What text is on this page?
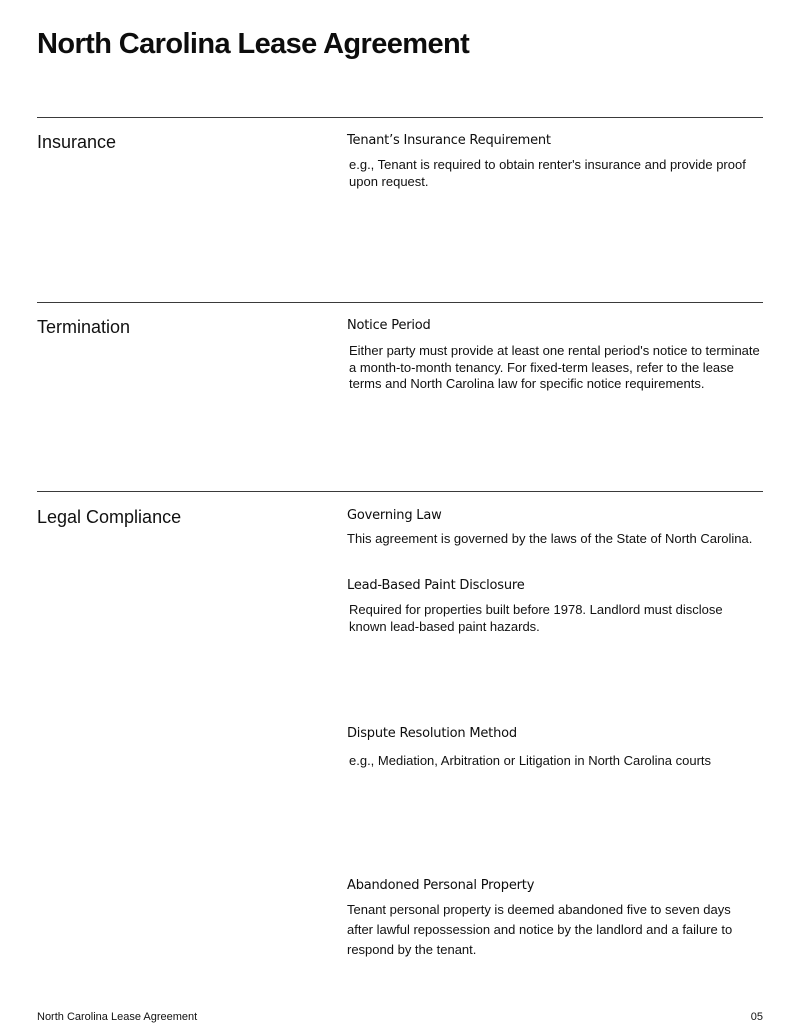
North Carolina Lease Agreement
Insurance	Tenant’s Insurance Requirement

e.g., Tenant is required to obtain renter's insurance and provide proof upon request.

Termination	Notice Period

Either party must provide at least one rental period's notice to terminate a month-to-month tenancy. For fixed-term leases, refer to the lease terms and North Carolina law for specific notice requirements.

Legal Compliance	Governing Law

This agreement is governed by the laws of the State of North Carolina.

Lead-Based Paint Disclosure

Required for properties built before 1978. Landlord must disclose known lead-based paint hazards.

Dispute Resolution Method

e.g., Mediation, Arbitration or Litigation in North Carolina courts

Abandoned Personal Property

Tenant personal property is deemed abandoned five to seven days after lawful repossession and notice by the landlord and a failure to respond by the tenant.

North Carolina Lease Agreement	05
